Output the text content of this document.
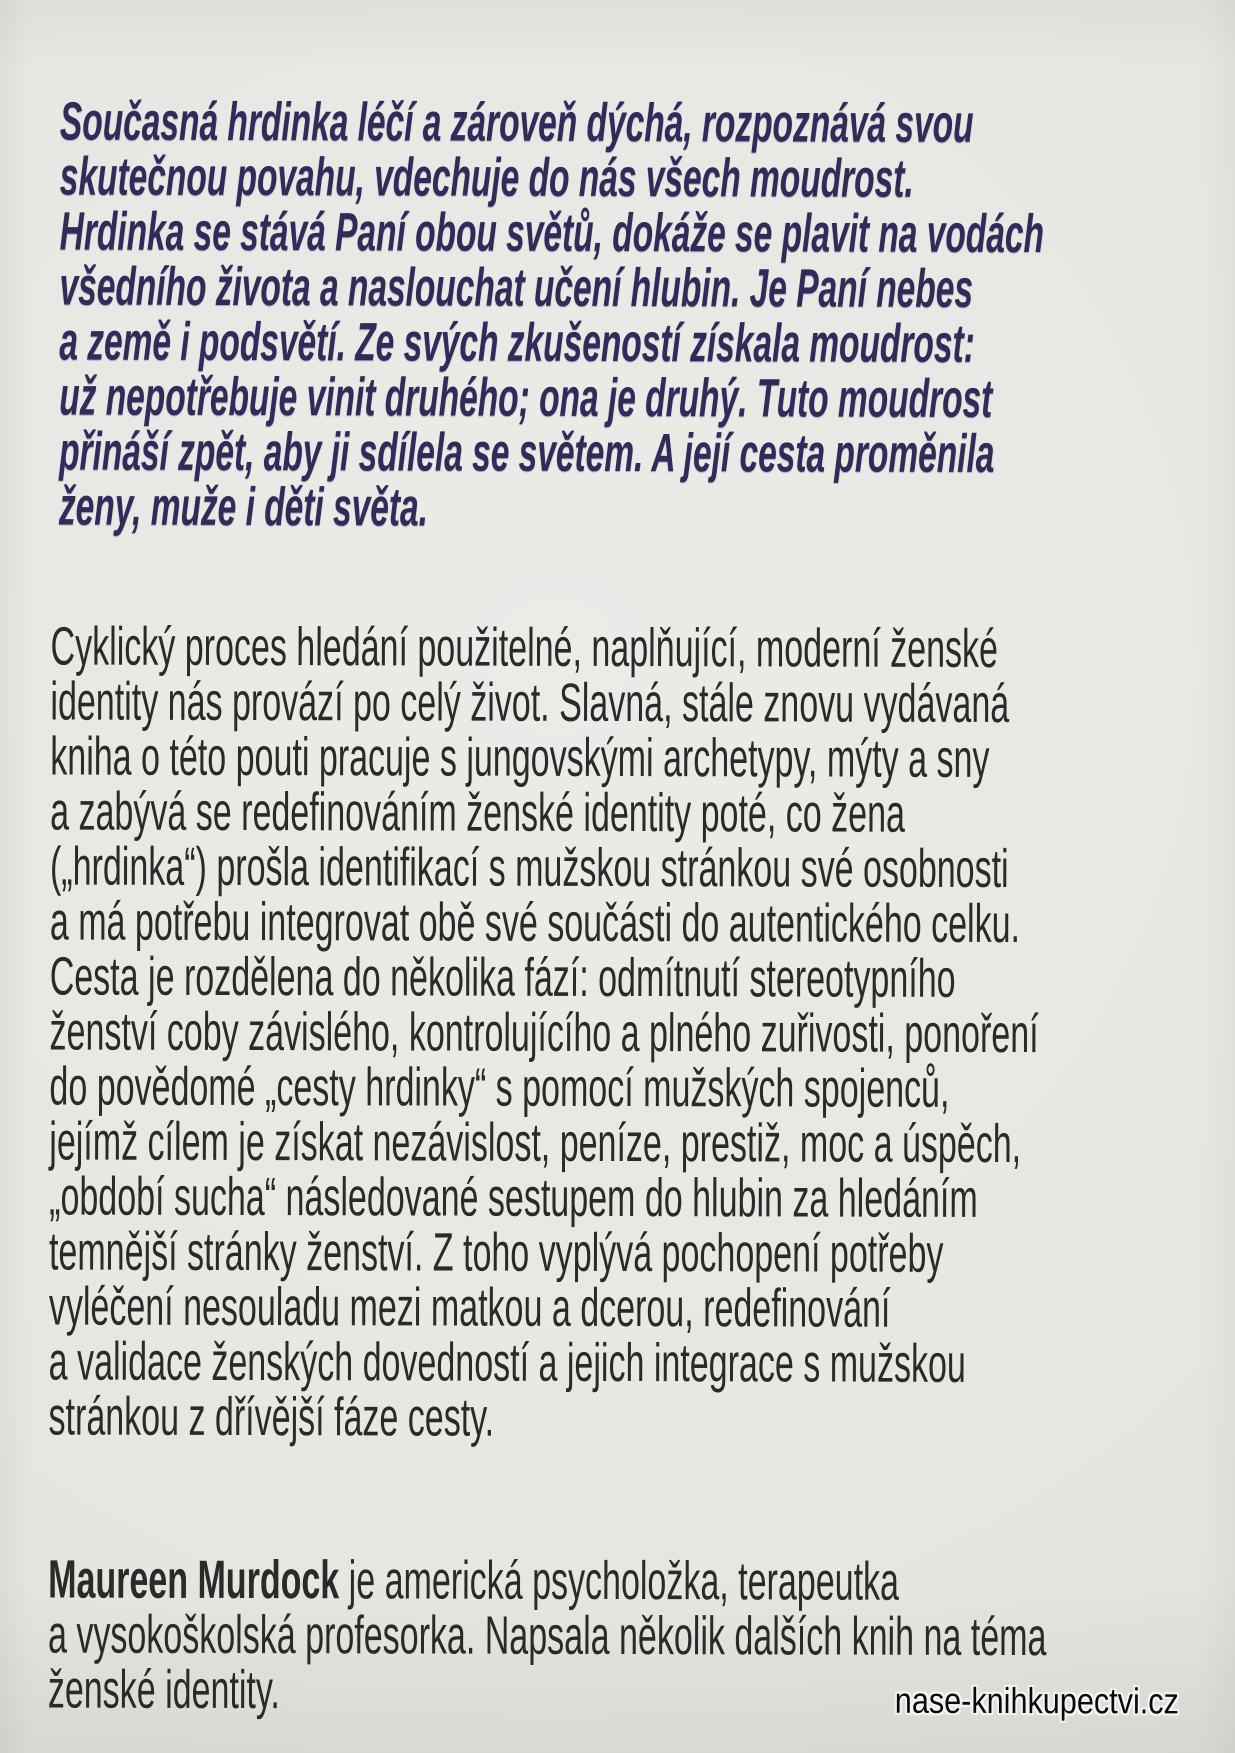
Současná hrdinka léčí a zároveň dýchá, rozpoznává svou
skutečnou povahu, vdechuje do nás všech moudrost.
Hrdinka se stává Paní obou světů, dokáže se plavit na vodách
všedního života a naslouchat učení hlubin. Je Paní nebes
a země i podsvětí. Ze svých zkušeností získala moudrost:
už nepotřebuje vinit druhého; ona je druhý. Tuto moudrost
přináší zpět, aby ji sdílela se světem. A její cesta proměnila
ženy, muže i děti světa.
Cyklický proces hledání použitelné, naplňující, moderní ženské
identity nás provází po celý život. Slavná, stále znovu vydávaná
kniha o této pouti pracuje s jungovskými archetypy, mýty a sny
a zabývá se redefinováním ženské identity poté, co žena
(„hrdinka“) prošla identifikací s mužskou stránkou své osobnosti
a má potřebu integrovat obě své součásti do autentického celku.
Cesta je rozdělena do několika fází: odmítnutí stereotypního
ženství coby závislého, kontrolujícího a plného zuřivosti, ponoření
do povědomé „cesty hrdinky“ s pomocí mužských spojenců,
jejímž cílem je získat nezávislost, peníze, prestiž, moc a úspěch,
„období sucha“ následované sestupem do hlubin za hledáním
temnější stránky ženství. Z toho vyplývá pochopení potřeby
vyléčení nesouladu mezi matkou a dcerou, redefinování
a validace ženských dovedností a jejich integrace s mužskou
stránkou z dřívější fáze cesty.
Maureen Murdock je americká psycholožka, terapeutka
a vysokoškolská profesorka. Napsala několik dalších knih na téma
ženské identity.	nase-knihkupectvi.cz
